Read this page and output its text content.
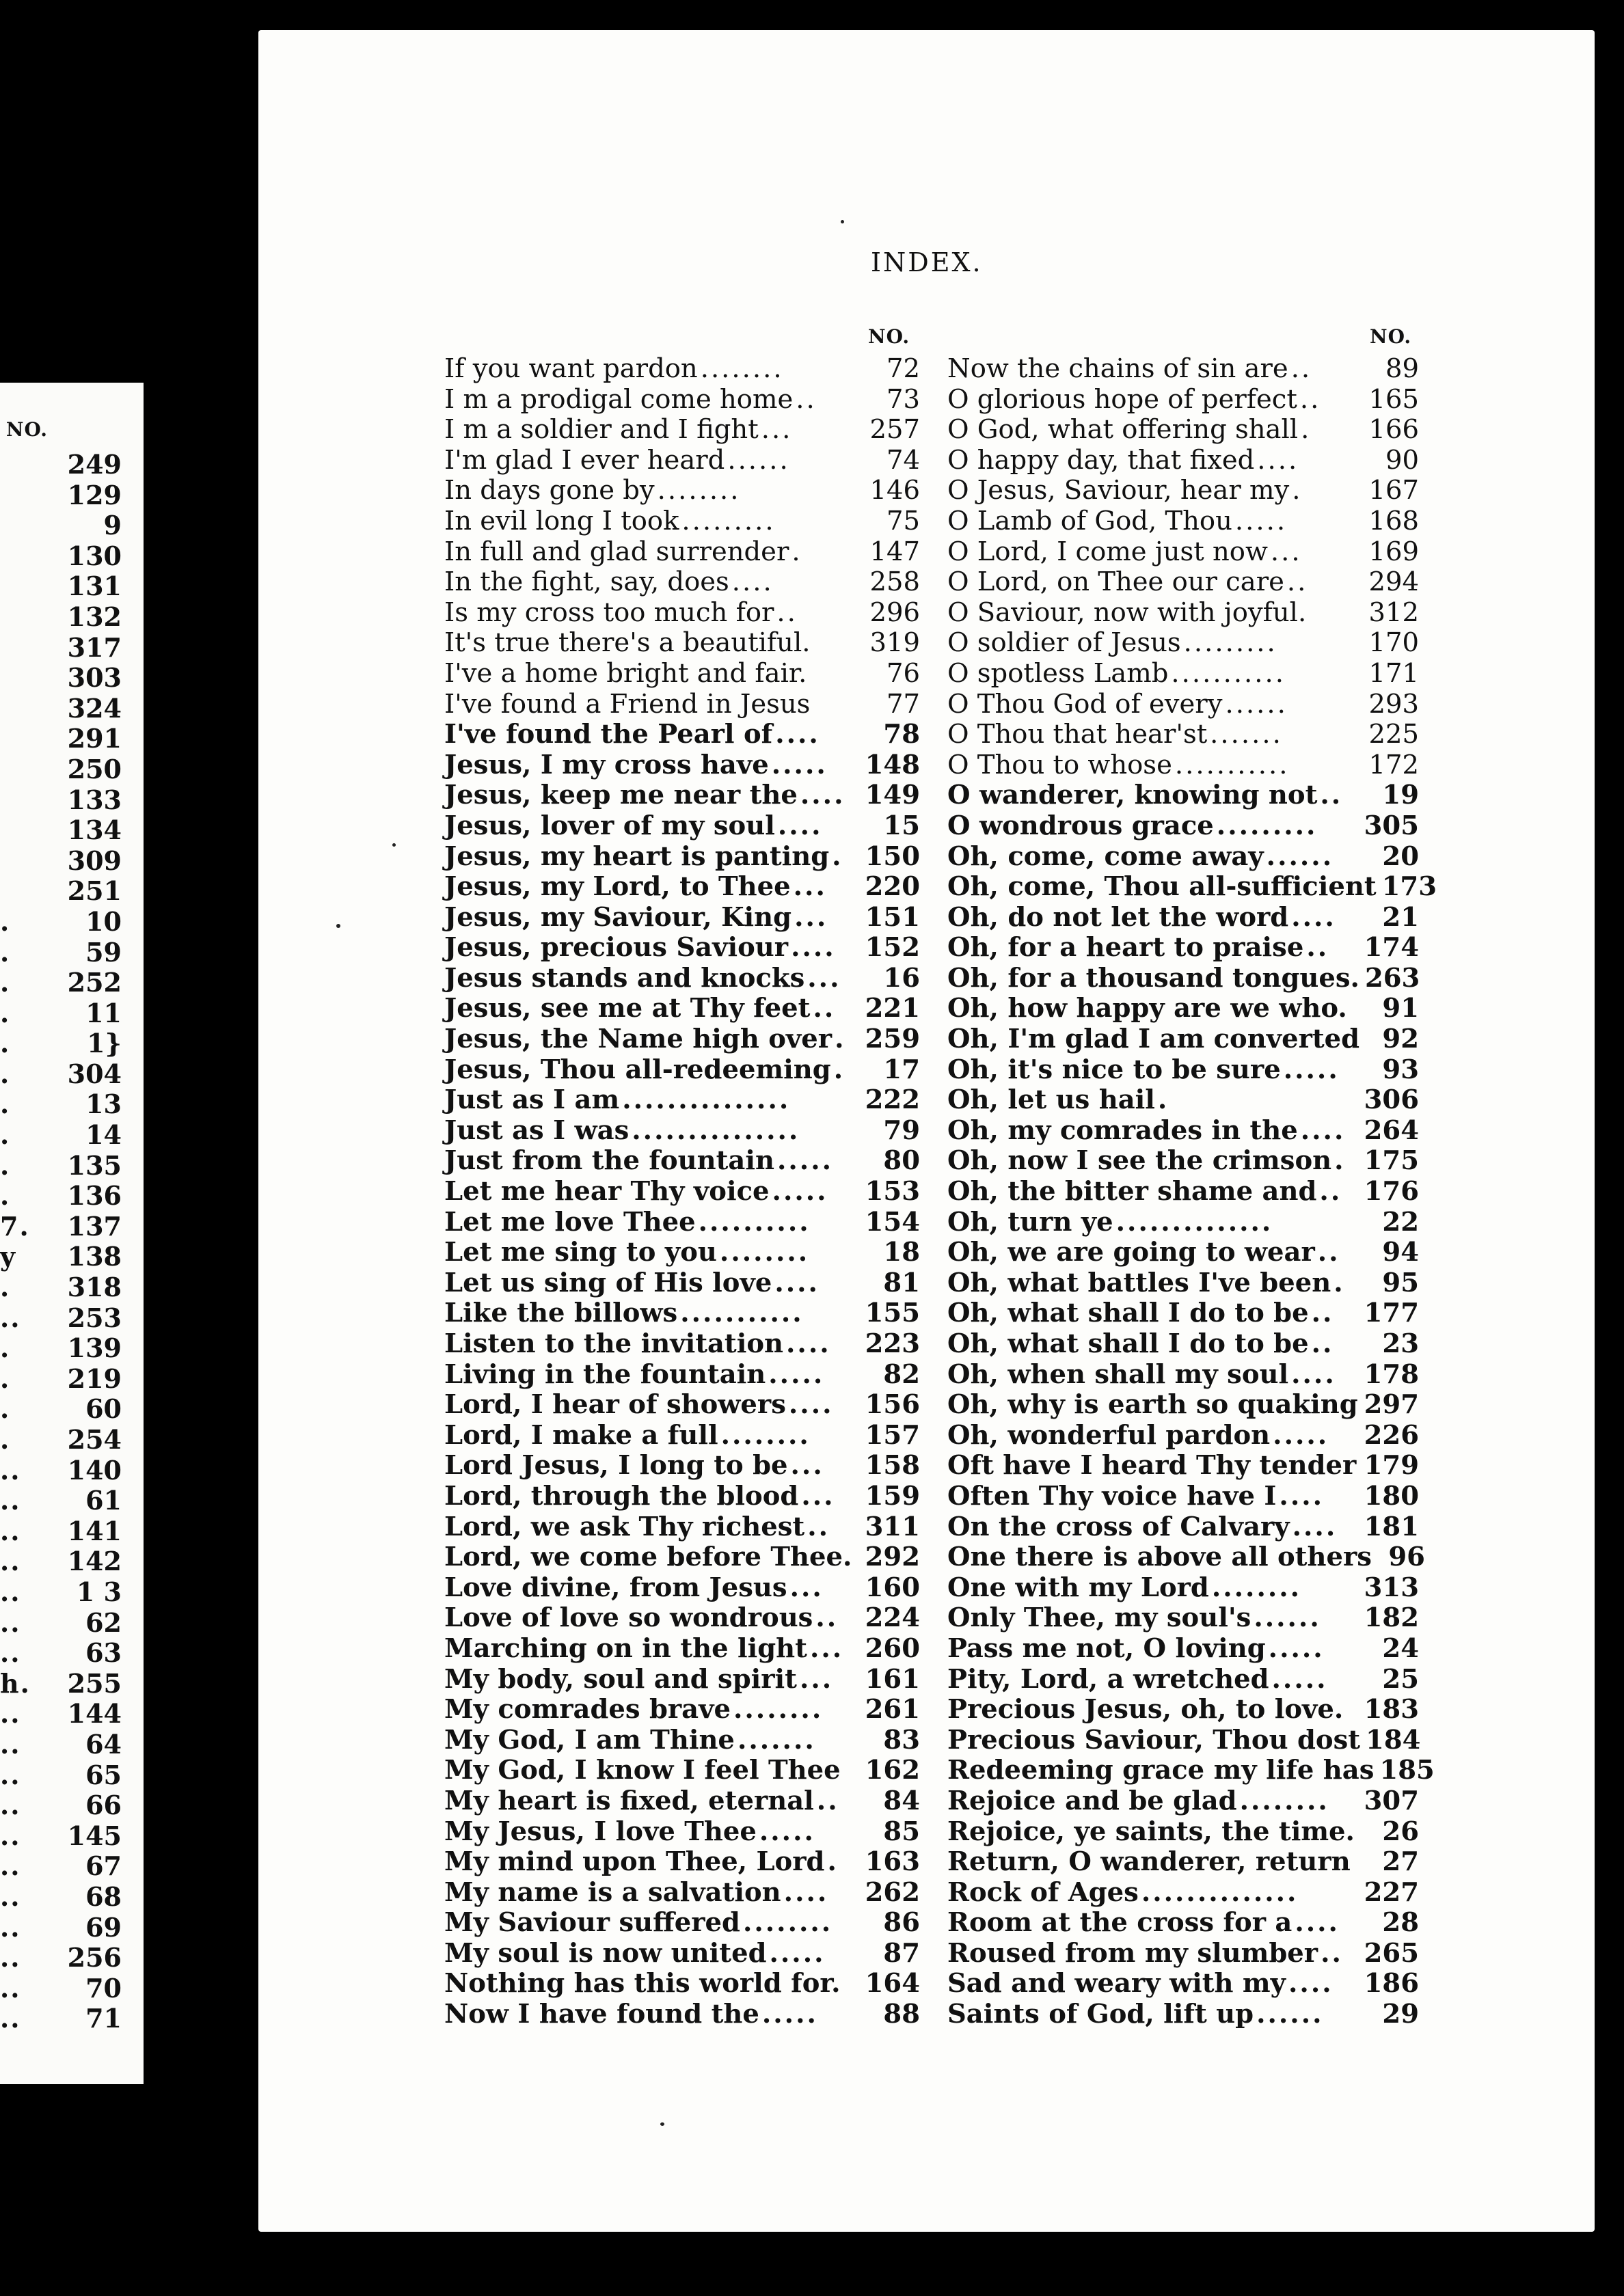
NO.
249
129
9
130
131
132
317
303
324
291
250
133
134
309
251
.	10
.	59
. 252
.	11
.	1}
. 304
.	13
.	14
. 135
. 136
7. 137
y 138
. 318
.. 253
. 139
. 219
.	60
. 254
.. 140
.. 61
.. 141
.. 142
.. 1 3
.. 62
.. 63
h. 255
.. 144
.. 64
.. 65
.. 66
.. 145
.. 67
.. 68
.. 69
.. 256
.. 70
.. 71
INDEX.
NO.	NO.
If you want pardon ........	72
I m a prodigal come home ..	73
I m a soldier and I fight ...	257
I'm glad I ever heard ......	74
In days gone by ........	146
In evil long I took .........	75
In full and glad surrender .	147
In the fight, say, does ....	258
Is my cross too much for ..	296
It's true there's a beautiful. 319
I've a home bright and fair.	76
I've found a Friend in Jesus	77
I've found the Pearl of ....	78
Jesus, I my cross have .....	148
Jesus, keep me near the .... 149
Jesus, lover of my soul ....	15
Jesus, my heart is panting . 150
Jesus, my Lord, to Thee ...	220
Jesus, my Saviour, King ...	151
Jesus, precious Saviour ....	152
Jesus stands and knocks ...	16
Jesus, see me at Thy feet ..	221
Jesus, the Name high over . 259
Jesus, Thou all-redeeming .	17
Just as I am ...............	222
Just as I was ...............	79
Just from the fountain .....	80
Let me hear Thy voice .....	153
Let me love Thee ..........	154
Let me sing to you ........	18
Let us sing of His love ....	81
Like the billows ...........	155
Listen to the invitation ....	223
Living in the fountain .....	82
Lord, I hear of showers ....	156
Lord, I make a full ........	157
Lord Jesus, I long to be ...	158
Lord, through the blood ...	159
Lord, we ask Thy richest ..	311
Lord, we come before Thee. 292
Love divine, from Jesus ...	160
Love of love so wondrous ..	224
Marching on in the light ... 260
My body, soul and spirit ...	161
My comrades brave ........	261
My God, I am Thine .......	83
My God, I know I feel Thee 162
My heart is fixed, eternal ..	84
My Jesus, I love Thee .....	85
My mind upon Thee, Lord .	163
My name is a salvation ....	262
My Saviour suffered ........	86
My soul is now united .....	87
Nothing has this world for. 164
Now I have found the .....	88
Now the chains of sin are ..	89
O glorious hope of perfect ..	165
O God, what offering shall .	166
O happy day, that fixed ....	90
O Jesus, Saviour, hear my .	167
O Lamb of God, Thou .....	168
O Lord, I come just now ...	169
O Lord, on Thee our care ..	294
O Saviour, now with joyful. 312
O soldier of Jesus .........	170
O spotless Lamb ...........	171
O Thou God of every ......	293
O Thou that hear'st .......	225
O Thou to whose ...........	172
O wanderer, knowing not ..	19
O wondrous grace .........	305
Oh, come, come away ......	20
Oh, come, Thou all-sufficient 173
Oh, do not let the word ....	21
Oh, for a heart to praise ..	174
Oh, for a thousand tongues. 263
Oh, how happy are we who.	91
Oh, I'm glad I am converted 92
Oh, it's nice to be sure .....	93
Oh, let us hail .	306
Oh, my comrades in the .... 264
Oh, now I see the crimson . 175
Oh, the bitter shame and .. 176
Oh, turn ye ..............	22
Oh, we are going to wear ..	94
Oh, what battles I've been .	95
Oh, what shall I do to be ..	177
Oh, what shall I do to be ..	23
Oh, when shall my soul ....	178
Oh, why is earth so quaking 297
Oh, wonderful pardon .....	226
Oft have I heard Thy tender 179
Often Thy voice have I ....	180
On the cross of Calvary ....	181
One there is above all others 96
One with my Lord ........	313
Only Thee, my soul's ......	182
Pass me not, O loving .....	24
Pity, Lord, a wretched .....	25
Precious Jesus, oh, to love. 183
Precious Saviour, Thou dost 184
Redeeming grace my life has 185
Rejoice and be glad ........	307
Rejoice, ye saints, the time.	26
Return, O wanderer, return	27
Rock of Ages ..............	227
Room at the cross for a ....	28
Roused from my slumber .. 265
Sad and weary with my ....	186
Saints of God, lift up ......	29
